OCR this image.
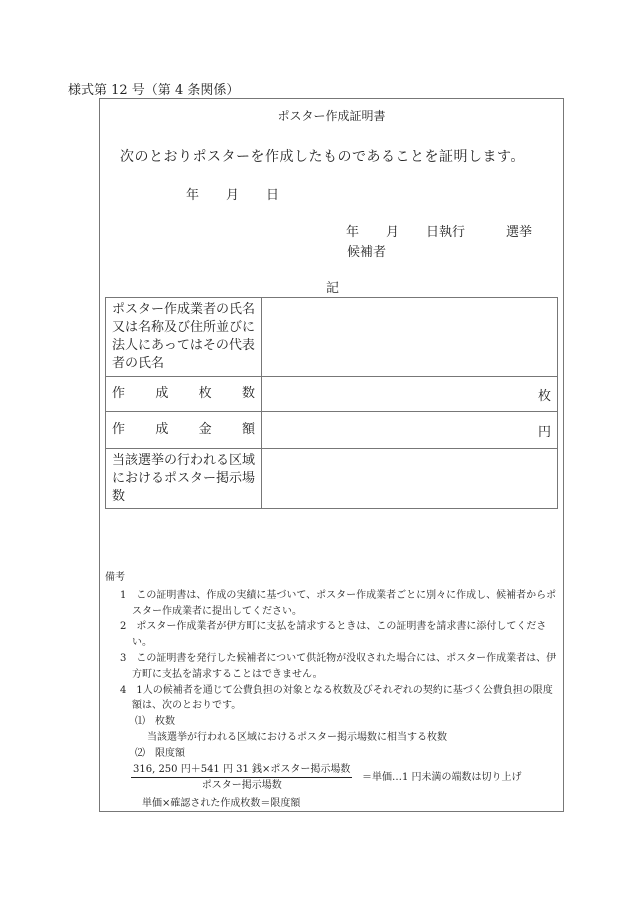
様式第 12 号（第 4 条関係）
ポスター作成証明書
次のとおりポスターを作成したものであることを証明します。
年 月 日
年 月 日執行	選挙
候補者
記
ポスター作成業者の氏名又は名称及び住所並びに法人にあってはその代表者の氏名	

作 成 枚 数	枚

作 成 金 額	円
当該選挙の行われる区域におけるポスター掲示場数	
備考
1　この証明書は、作成の実績に基づいて、ポスター作成業者ごとに別々に作成し、候補者からポスター作成業者に提出してください。
2　ポスター作成業者が伊方町に支払を請求するときは、この証明書を請求書に添付してください。
3　この証明書を発行した候補者について供託物が没収された場合には、ポスター作成業者は、伊方町に支払を請求することはできません。
4　1人の候補者を通じて公費負担の対象となる枚数及びそれぞれの契約に基づく公費負担の限度額は、次のとおりです。
⑴　枚数
当該選挙が行われる区域におけるポスター掲示場数に相当する枚数
⑵　限度額
316, 250 円＋541 円 31 銭×ポスター掲示場数
ポスター掲示場数
＝単価…1 円未満の端数は切り上げ
単価×確認された作成枚数＝限度額
